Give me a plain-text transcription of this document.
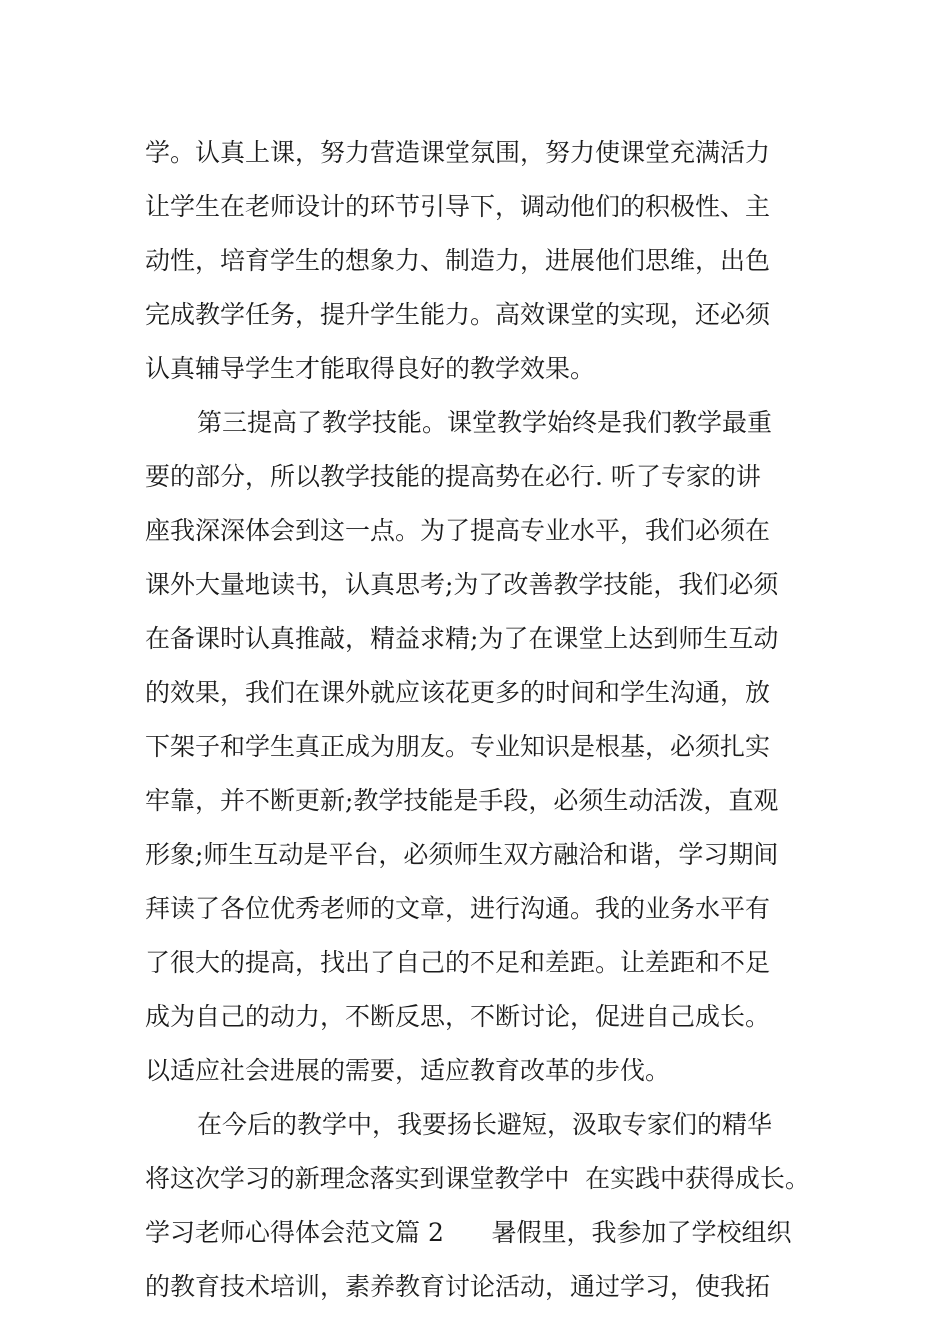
学。认真上课，努力营造课堂氛围，努力使课堂充满活力
让学生在老师设计的环节引导下，调动他们的积极性、主
动性，培育学生的想象力、制造力，进展他们思维，出色
完成教学任务，提升学生能力。高效课堂的实现，还必须
认真辅导学生才能取得良好的教学效果。
第三提高了教学技能。课堂教学始终是我们教学最重
要的部分，所以教学技能的提高势在必行. 听了专家的讲
座我深深体会到这一点。为了提高专业水平，我们必须在
课外大量地读书，认真思考;为了改善教学技能，我们必须
在备课时认真推敲，精益求精;为了在课堂上达到师生互动
的效果，我们在课外就应该花更多的时间和学生沟通，放
下架子和学生真正成为朋友。专业知识是根基，必须扎实
牢靠，并不断更新;教学技能是手段，必须生动活泼，直观
形象;师生互动是平台，必须师生双方融洽和谐，学习期间
拜读了各位优秀老师的文章，进行沟通。我的业务水平有
了很大的提高，找出了自己的不足和差距。让差距和不足
成为自己的动力，不断反思，不断讨论，促进自己成长。
以适应社会进展的需要，适应教育改革的步伐。
在今后的教学中，我要扬长避短，汲取专家们的精华
将这次学习的新理念落实到课堂教学中  在实践中获得成长。
学习老师心得体会范文篇 2      暑假里，我参加了学校组织
的教育技术培训，素养教育讨论活动，通过学习，使我拓
